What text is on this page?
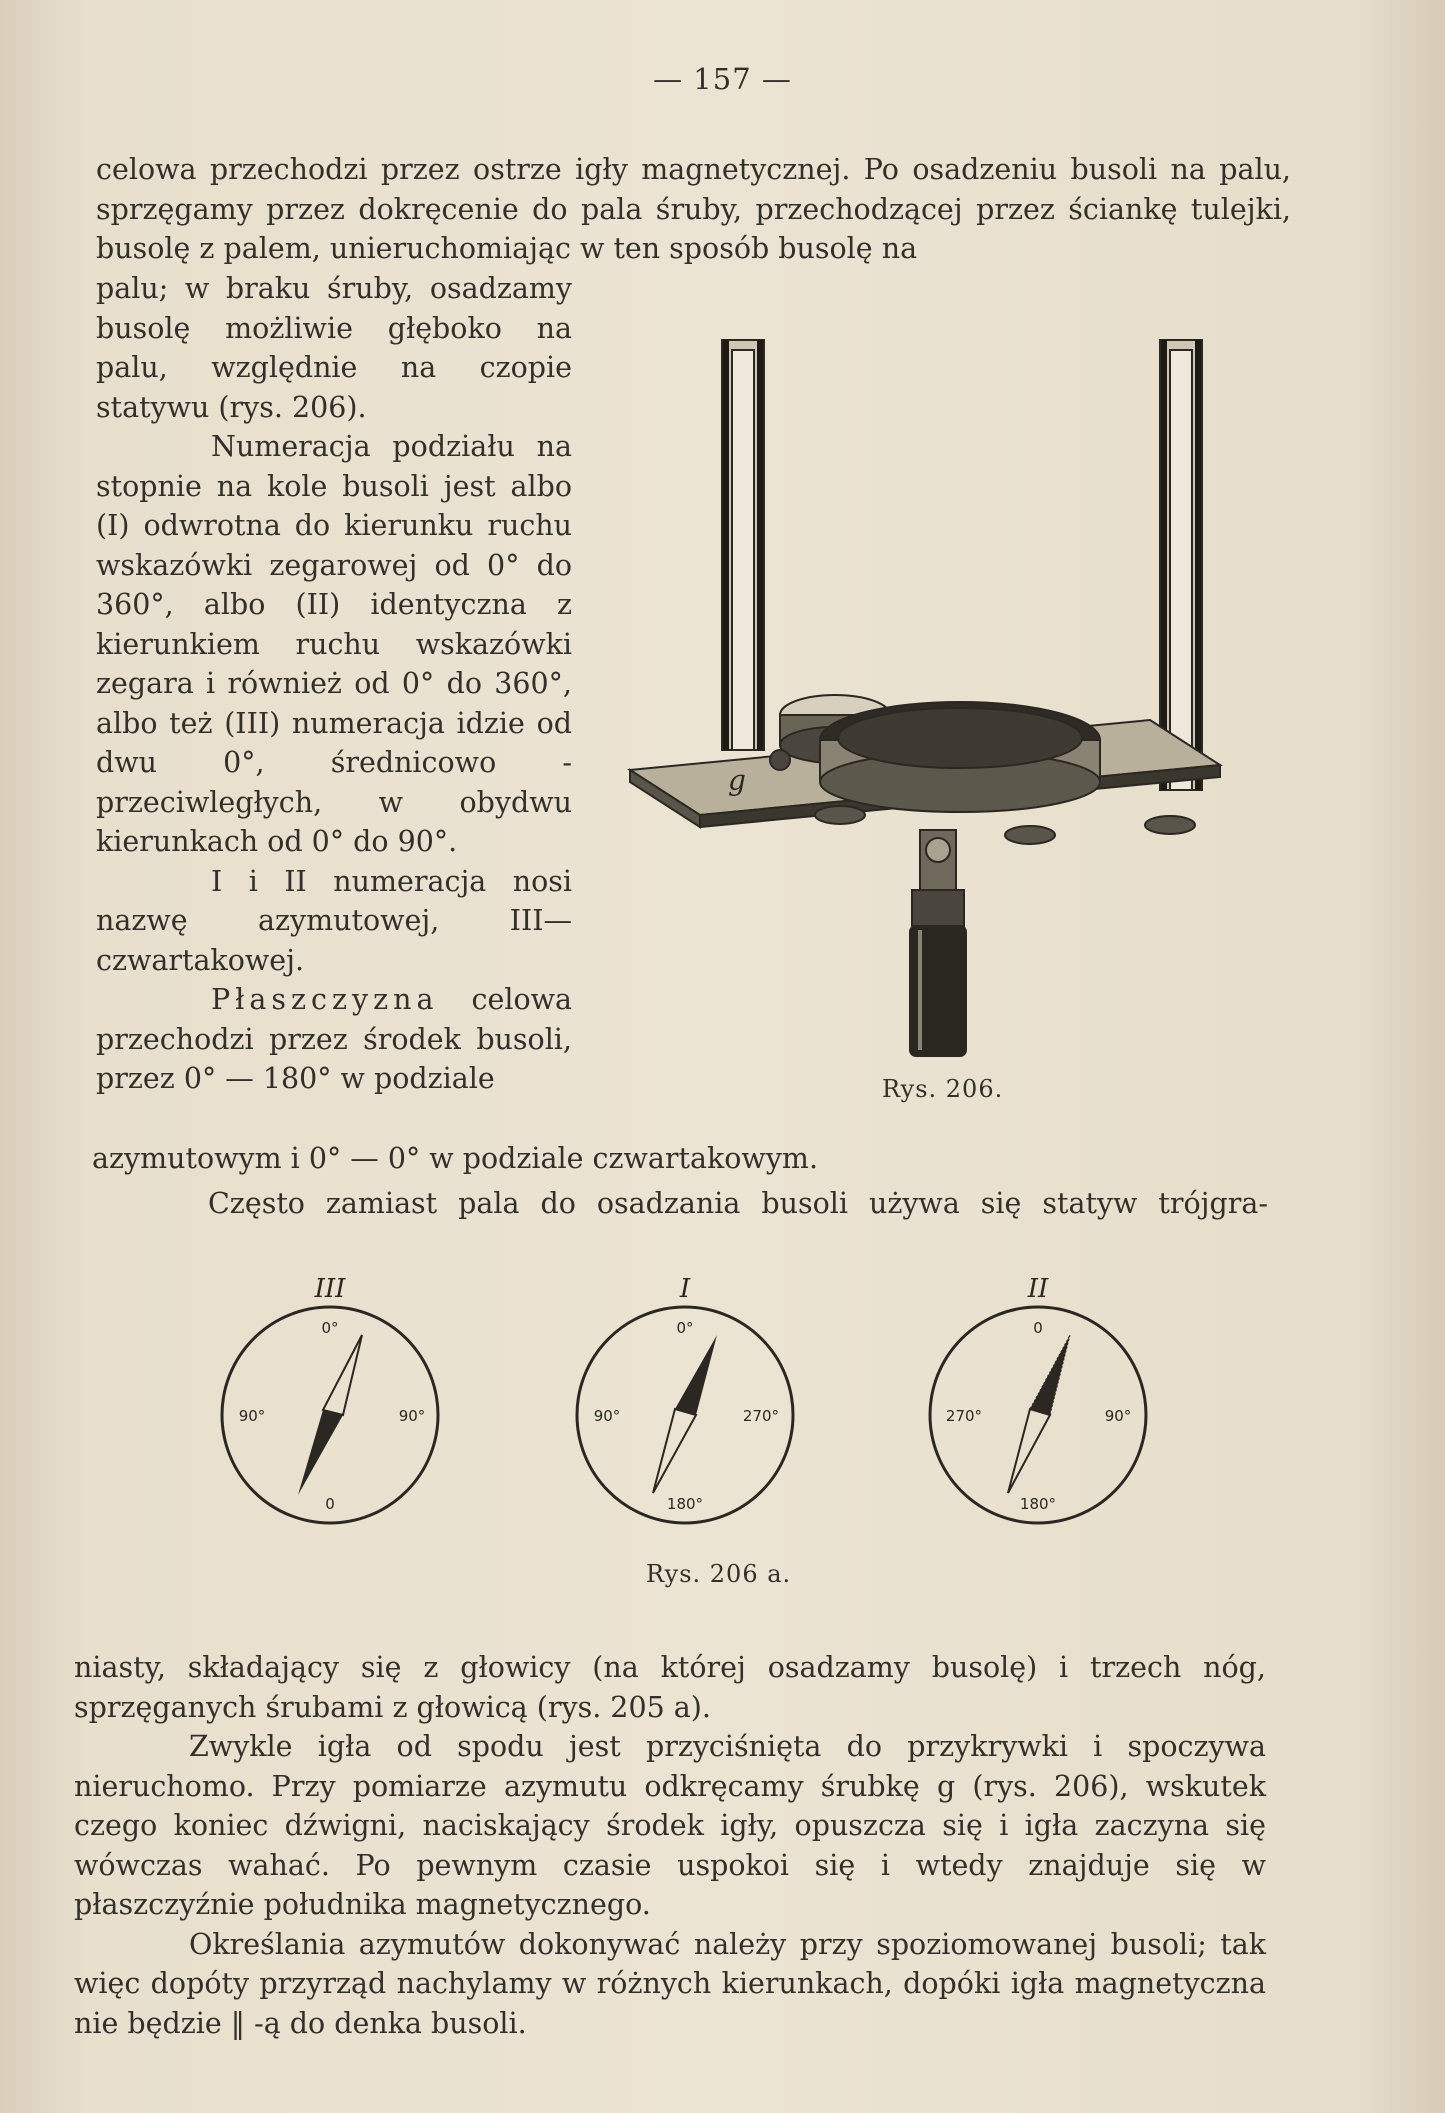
— 157 —

celowa przechodzi przez ostrze igły magnetycznej. Po osadzeniu busoli na palu, sprzęgamy przez dokręcenie do pala śruby, przechodzącej przez ściankę tulejki, busolę z palem, unieruchomiając w ten sposób busolę na

palu; w braku śruby, osadzamy busolę możliwie głęboko na palu, względnie na czopie statywu (rys. 206).

Numeracja podziału na stopnie na kole busoli jest albo (I) odwrotna do kierunku ruchu wskazówki zegarowej od 0° do 360°, albo (II) identyczna z kierunkiem ruchu wskazówki zegara i również od 0° do 360°, albo też (III) numeracja idzie od dwu 0°, średnicowo - przeciwległych, w obydwu kierunkach od 0° do 90°.

I i II numeracja nosi nazwę azymutowej, III—czwartakowej.

Płaszczyzna celowa przechodzi przez środek busoli, przez 0° — 180° w podziale

azymutowym i 0° — 0° w podziale czwartakowym.
Często zamiast pala do osadzania busoli używa się statyw trójgra-
g
Rys. 206.
III
0°
90°	90°
0
I
0°
90°	270°
180°
II
0
270°	90°
180°
Rys. 206 a.

niasty, składający się z głowicy (na której osadzamy busolę) i trzech nóg, sprzęganych śrubami z głowicą (rys. 205 a).

Zwykle igła od spodu jest przyciśnięta do przykrywki i spoczywa nieruchomo. Przy pomiarze azymutu odkręcamy śrubkę g (rys. 206), wskutek czego koniec dźwigni, naciskający środek igły, opuszcza się i igła zaczyna się wówczas wahać. Po pewnym czasie uspokoi się i wtedy znajduje się w płaszczyźnie południka magnetycznego.

Określania azymutów dokonywać należy przy spoziomowanej busoli; tak więc dopóty przyrząd nachylamy w różnych kierunkach, dopóki igła magnetyczna nie będzie ‖ -ą do denka busoli.
